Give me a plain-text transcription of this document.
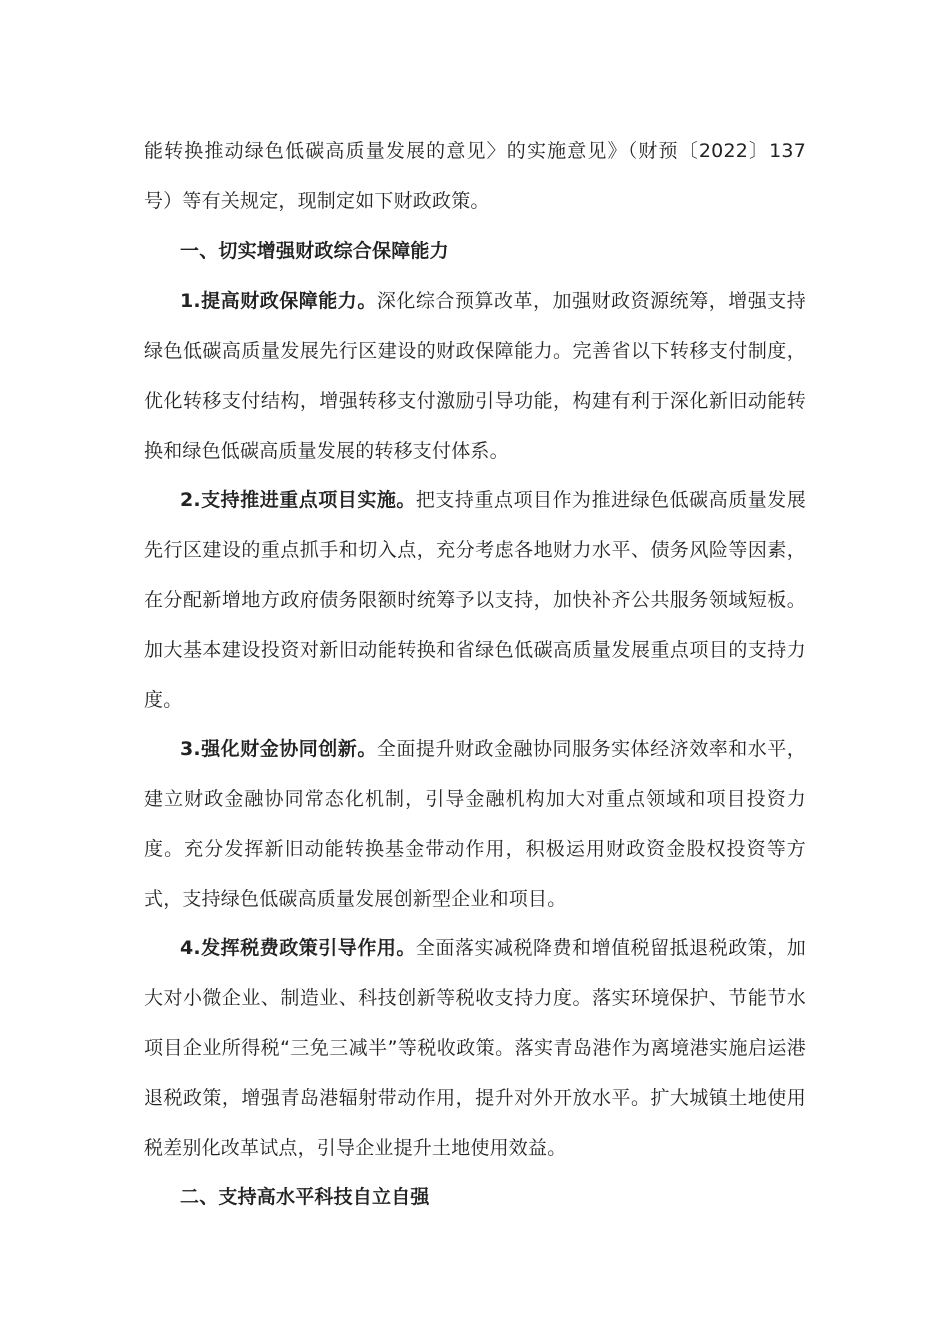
能转换推动绿色低碳高质量发展的意见〉的实施意见》（财预〔2022〕137号）等有关规定，现制定如下财政政策。

一、切实增强财政综合保障能力
1.提高财政保障能力。深化综合预算改革，加强财政资源统筹，增强支持绿色低碳高质量发展先行区建设的财政保障能力。完善省以下转移支付制度，优化转移支付结构，增强转移支付激励引导功能，构建有利于深化新旧动能转换和绿色低碳高质量发展的转移支付体系。
2.支持推进重点项目实施。把支持重点项目作为推进绿色低碳高质量发展先行区建设的重点抓手和切入点，充分考虑各地财力水平、债务风险等因素，在分配新增地方政府债务限额时统筹予以支持，加快补齐公共服务领域短板。加大基本建设投资对新旧动能转换和省绿色低碳高质量发展重点项目的支持力度。
3.强化财金协同创新。全面提升财政金融协同服务实体经济效率和水平，建立财政金融协同常态化机制，引导金融机构加大对重点领域和项目投资力度。充分发挥新旧动能转换基金带动作用，积极运用财政资金股权投资等方式，支持绿色低碳高质量发展创新型企业和项目。
4.发挥税费政策引导作用。全面落实减税降费和增值税留抵退税政策，加大对小微企业、制造业、科技创新等税收支持力度。落实环境保护、节能节水项目企业所得税“三免三减半”等税收政策。落实青岛港作为离境港实施启运港退税政策，增强青岛港辐射带动作用，提升对外开放水平。扩大城镇土地使用税差别化改革试点，引导企业提升土地使用效益。
二、支持高水平科技自立自强
